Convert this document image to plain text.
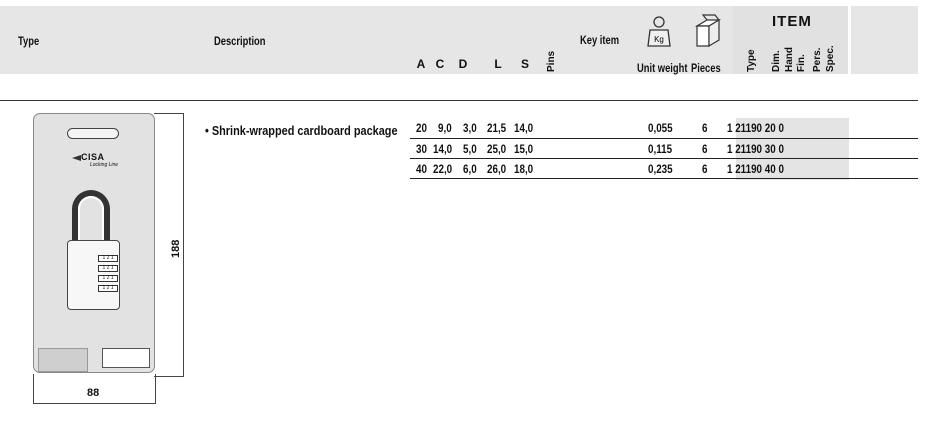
Type	Description	Key item
A C D L S	Pins
Kg
Unit weight Pieces
ITEM
Type Dim. Hand Fin. Pers. Spec.
CISA
Locking Line
1 2 1
1 2 1
1 2 1
1 2 1
188
88
• Shrink-wrapped cardboard package 20 9,0 3,0 21,5 14,0	0,055 6 1 21190 20 0
30 14,0 5,0 25,0 15,0	0,115 6 1 21190 30 0
40 22,0 6,0 26,0 18,0	0,235 6 1 21190 40 0
